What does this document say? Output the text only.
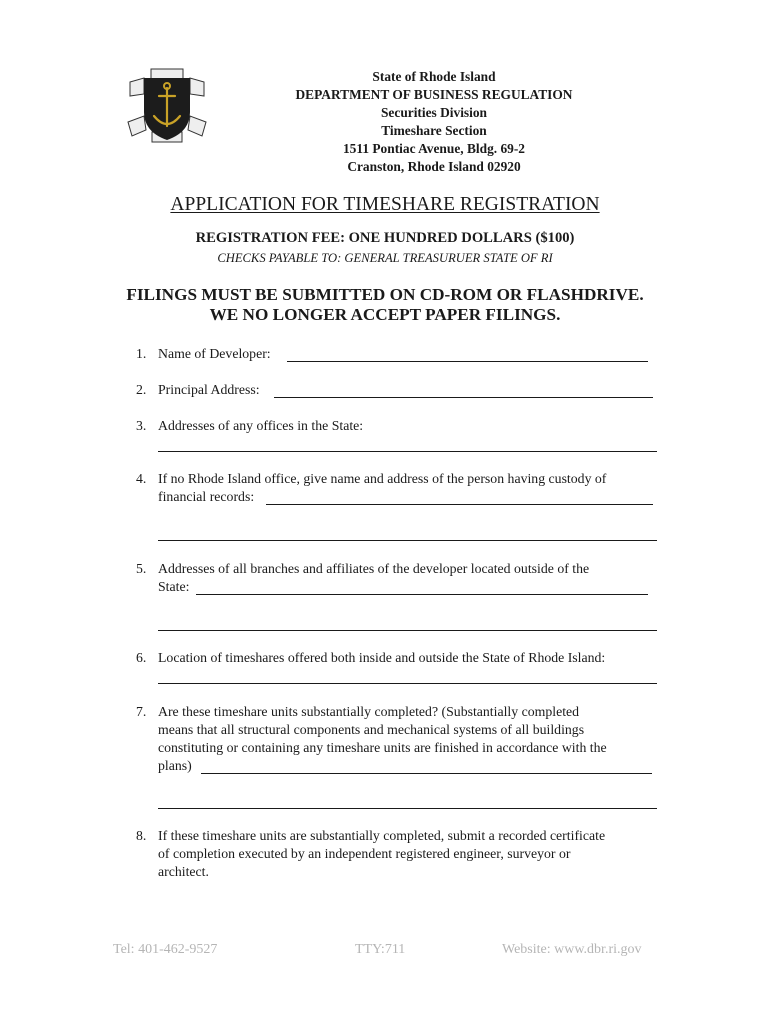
State of Rhode Island
DEPARTMENT OF BUSINESS REGULATION
Securities Division
Timeshare Section
1511 Pontiac Avenue, Bldg. 69-2
Cranston, Rhode Island 02920
APPLICATION FOR TIMESHARE REGISTRATION
REGISTRATION FEE: ONE HUNDRED DOLLARS ($100)
CHECKS PAYABLE TO: GENERAL TREASURUER STATE OF RI
FILINGS MUST BE SUBMITTED ON CD-ROM OR FLASHDRIVE.
WE NO LONGER ACCEPT PAPER FILINGS.
1. Name of Developer:
2. Principal Address:
3. Addresses of any offices in the State:
4. If no Rhode Island office, give name and address of the person having custody of
financial records:
5. Addresses of all branches and affiliates of the developer located outside of the
State:
6. Location of timeshares offered both inside and outside the State of Rhode Island:
7. Are these timeshare units substantially completed? (Substantially completed
means that all structural components and mechanical systems of all buildings
constituting or containing any timeshare units are finished in accordance with the
plans)
8. If these timeshare units are substantially completed, submit a recorded certificate
of completion executed by an independent registered engineer, surveyor or
architect.
Tel: 401-462-9527	TTY:711	Website: www.dbr.ri.gov
